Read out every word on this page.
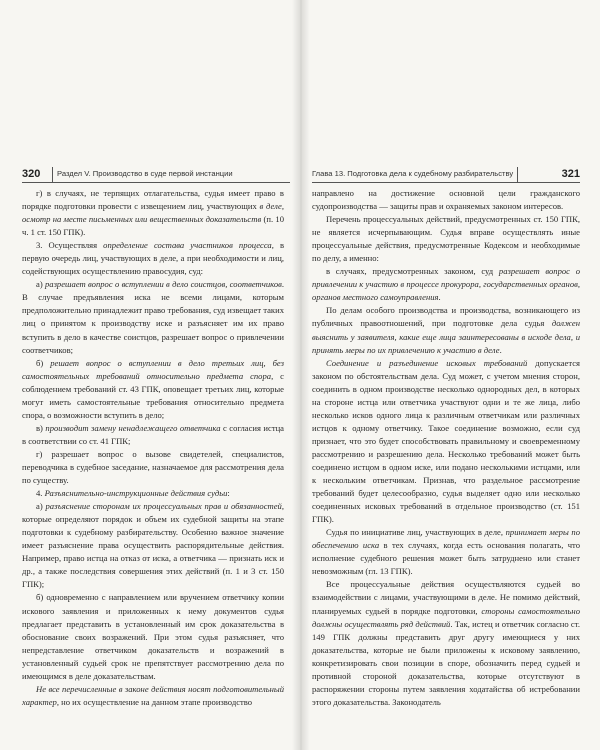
320	Раздел V. Производство в суде первой инстанции

г) в случаях, не терпящих отлагательства, судья имеет право в порядке подготовки провести с извещением лиц, участвующих в деле, осмотр на месте письменных или вещественных доказательств (п. 10 ч. 1 ст. 150 ГПК).

3. Осуществляя определение состава участников процесса, в первую очередь лиц, участвующих в деле, а при необходимости и лиц, содействующих осуществлению правосудия, суд:

а) разрешает вопрос о вступлении в дело соистцов, соответчиков. В случае предъявления иска не всеми лицами, которым предположительно принадлежит право требования, суд извещает таких лиц о принятом к производству иске и разъясняет им их право вступить в дело в качестве соистцов, разрешает вопрос о привлечении соответчиков;

б) решает вопрос о вступлении в дело третьих лиц, без самостоятельных требований относительно предмета спора, с соблюдением требований ст. 43 ГПК, оповещает третьих лиц, которые могут иметь самостоятельные требования относительно предмета спора, о возможности вступить в дело;

в) производит замену ненадлежащего ответчика с согласия истца в соответствии со ст. 41 ГПК;

г) разрешает вопрос о вызове свидетелей, специалистов, переводчика в судебное заседание, назначаемое для рассмотрения дела по существу.

4. Разъяснительно-инструкционные действия судьи:

а) разъяснение сторонам их процессуальных прав и обязанностей, которые определяют порядок и объем их судебной защиты на этапе подготовки к судебному разбирательству. Особенно важное значение имеет разъяснение права осуществить распорядительные действия. Например, право истца на отказ от иска, а ответчика — признать иск и др., а также последствия совершения этих действий (п. 1 и 3 ст. 150 ГПК);

б) одновременно с направлением или вручением ответчику копии искового заявления и приложенных к нему документов судья предлагает представить в установленный им срок доказательства в обоснование своих возражений. При этом судья разъясняет, что непредставление ответчиком доказательств и возражений в установленный судьей срок не препятствует рассмотрению дела по имеющимся в деле доказательствам.

Не все перечисленные в законе действия носят подготовительный характер, но их осуществление на данном этапе производство

Глава 13. Подготовка дела к судебному разбирательству	321

направлено на достижение основной цели гражданского судопроизводства — защиты прав и охраняемых законом интересов.

Перечень процессуальных действий, предусмотренных ст. 150 ГПК, не является исчерпывающим. Судья вправе осуществлять иные процессуальные действия, предусмотренные Кодексом и необходимые по делу, а именно:

в случаях, предусмотренных законом, суд разрешает вопрос о привлечении к участию в процессе прокурора, государственных органов, органов местного самоуправления.

По делам особого производства и производства, возникающего из публичных правоотношений, при подготовке дела судья должен выяснить у заявителя, какие еще лица заинтересованы в исходе дела, и принять меры по их привлечению к участию в деле.

Соединение и разъединение исковых требований допускается законом по обстоятельствам дела. Суд может, с учетом мнения сторон, соединить в одном производстве несколько однородных дел, в которых на стороне истца или ответчика участвуют одни и те же лица, либо несколько исков одного лица к различным ответчикам или различных истцов к одному ответчику. Такое соединение возможно, если суд признает, что это будет способствовать правильному и своевременному рассмотрению и разрешению дела. Несколько требований может быть соединено истцом в одном иске, или подано несколькими истцами, или к нескольким ответчикам. Признав, что раздельное рассмотрение требований будет целесообразно, судья выделяет одно или несколько соединенных исковых требований в отдельное производство (ст. 151 ГПК).

Судья по инициативе лиц, участвующих в деле, принимает меры по обеспечению иска в тех случаях, когда есть основания полагать, что исполнение судебного решения может быть затруднено или станет невозможным (гл. 13 ГПК).

Все процессуальные действия осуществляются судьей во взаимодействии с лицами, участвующими в деле. Не помимо действий, планируемых судьей в порядке подготовки, стороны самостоятельно должны осуществлять ряд действий. Так, истец и ответчик согласно ст. 149 ГПК должны представить друг другу имеющиеся у них доказательства, которые не были приложены к исковому заявлению, конкретизировать свои позиции в споре, обозначить перед судьей и противной стороной доказательства, которые отсутствуют в распоряжении стороны путем заявления ходатайства об истребовании этого доказательства. Законодатель
